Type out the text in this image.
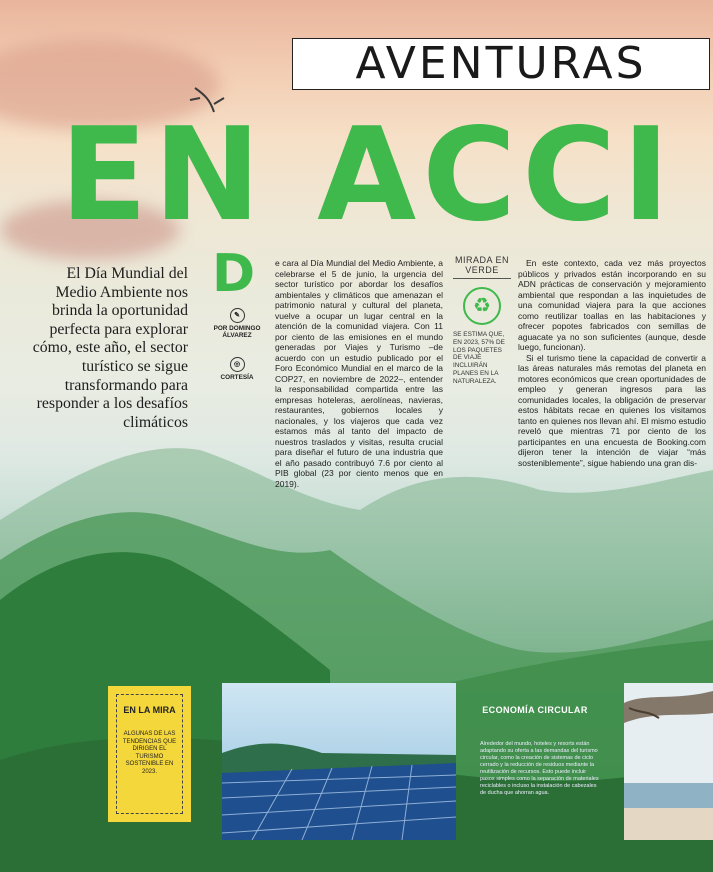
AVENTURAS
EN ACCI
D
El Día Mundial del Medio Ambiente nos brinda la oportunidad perfecta para explorar cómo, este año, el sector turístico se sigue transformando para responder a los desafíos climáticos
✎
POR DOMINGO ÁLVAREZ
◎
CORTESÍA

e cara al Día Mundial del Medio Ambiente, a celebrarse el 5 de junio, la urgencia del sector turístico por abordar los desafíos ambientales y climáticos que amenazan el patrimonio natural y cultural del planeta, vuelve a ocupar un lugar central en la atención de la comunidad viajera. Con 11 por ciento de las emisiones en el mundo generadas por Viajes y Turismo –de acuerdo con un estudio publicado por el Foro Económico Mundial en el marco de la COP27, en noviembre de 2022–, entender la responsabilidad compartida entre las empresas hoteleras, aerolíneas, navieras, restaurantes, gobiernos locales y nacionales, y los viajeros que cada vez estamos más al tanto del impacto de nuestros traslados y visitas, resulta crucial para diseñar el futuro de una industria que el año pasado contribuyó 7.6 por ciento al PIB global (23 por ciento menos que en 2019).

MIRADA EN VERDE
♻
SE ESTIMA QUE, EN 2023, 57% DE LOS PAQUETES DE VIAJE INCLUIRÁN PLANES EN LA NATURALEZA.

En este contexto, cada vez más proyectos públicos y privados están incorporando en su ADN prácticas de conservación y mejoramiento ambiental que respondan a las inquietudes de una comunidad viajera para la que acciones como reutilizar toallas en las habitaciones y ofrecer popotes fabricados con semillas de aguacate ya no son suficientes (aunque, desde luego, funcionan).

Si el turismo tiene la capacidad de convertir a las áreas naturales más remotas del planeta en motores económicos que crean oportunidades de empleo y generan ingresos para las comunidades locales, la obligación de preservar estos hábitats recae en quienes los visitamos tanto en quienes nos llevan ahí. El mismo estudio reveló que mientras 71 por ciento de los participantes en una encuesta de Booking.com dijeron tener la intención de viajar “más sosteniblemente”, sigue habiendo una gran dis-

EN LA MIRA
ALGUNAS DE LAS TENDENCIAS QUE DIRIGEN EL TURISMO SOSTENIBLE EN 2023.
ECONOMÍA CIRCULAR
Alrededor del mundo, hoteles y resorts están adaptando su oferta a las demandas del turismo circular, como la creación de sistemas de ciclo cerrado y la reducción de residuos mediante la reutilización de recursos. Esto puede incluir pasos simples como la separación de materiales reciclables o incluso la instalación de cabezales de ducha que ahorran agua.
